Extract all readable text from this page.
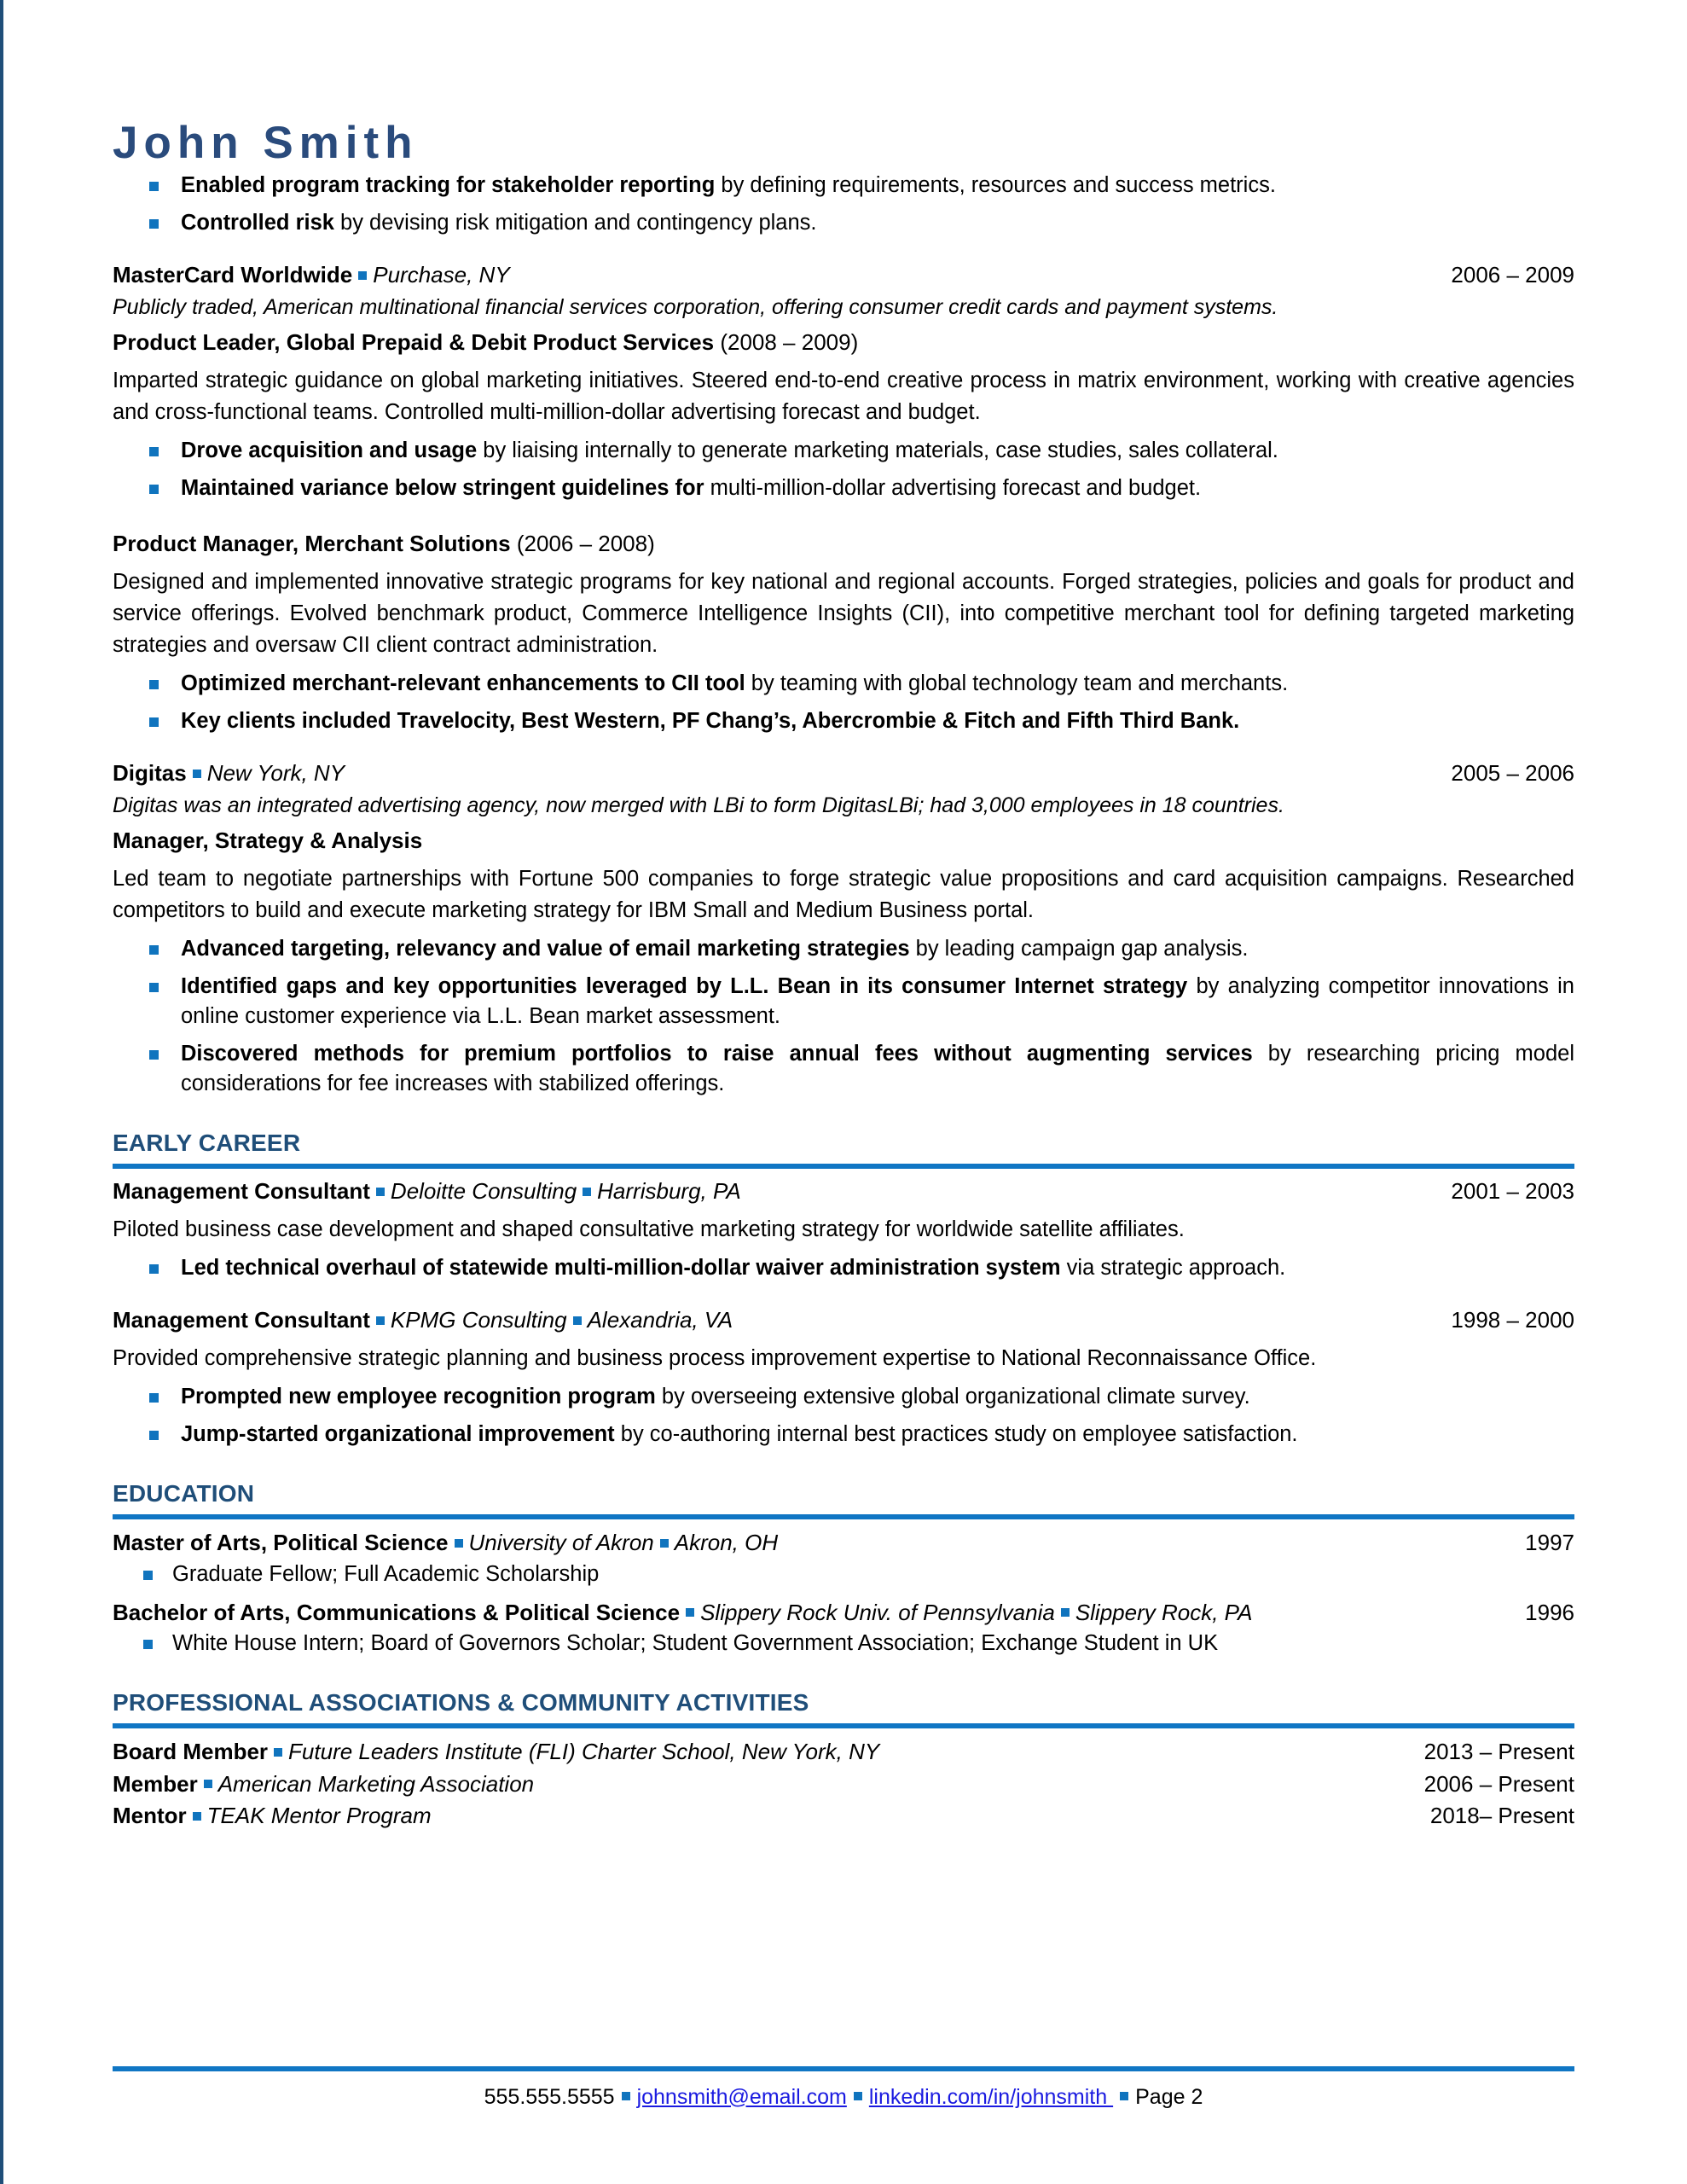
John Smith
Enabled program tracking for stakeholder reporting by defining requirements, resources and success metrics.
Controlled risk by devising risk mitigation and contingency plans.
MasterCard Worldwide Purchase, NY	2006 – 2009
Publicly traded, American multinational financial services corporation, offering consumer credit cards and payment systems.
Product Leader, Global Prepaid & Debit Product Services (2008 – 2009)
Imparted strategic guidance on global marketing initiatives. Steered end-to-end creative process in matrix environment, working with creative agencies and cross-functional teams. Controlled multi-million-dollar advertising forecast and budget.
Drove acquisition and usage by liaising internally to generate marketing materials, case studies, sales collateral.
Maintained variance below stringent guidelines for multi-million-dollar advertising forecast and budget.
Product Manager, Merchant Solutions (2006 – 2008)
Designed and implemented innovative strategic programs for key national and regional accounts. Forged strategies, policies and goals for product and service offerings. Evolved benchmark product, Commerce Intelligence Insights (CII), into competitive merchant tool for defining targeted marketing strategies and oversaw CII client contract administration.
Optimized merchant-relevant enhancements to CII tool by teaming with global technology team and merchants.
Key clients included Travelocity, Best Western, PF Chang’s, Abercrombie & Fitch and Fifth Third Bank.
Digitas New York, NY	2005 – 2006
Digitas was an integrated advertising agency, now merged with LBi to form DigitasLBi; had 3,000 employees in 18 countries.
Manager, Strategy & Analysis
Led team to negotiate partnerships with Fortune 500 companies to forge strategic value propositions and card acquisition campaigns. Researched competitors to build and execute marketing strategy for IBM Small and Medium Business portal.
Advanced targeting, relevancy and value of email marketing strategies by leading campaign gap analysis.
Identified gaps and key opportunities leveraged by L.L. Bean in its consumer Internet strategy by analyzing competitor innovations in online customer experience via L.L. Bean market assessment.
Discovered methods for premium portfolios to raise annual fees without augmenting services by researching pricing model considerations for fee increases with stabilized offerings.
EARLY CAREER
Management Consultant Deloitte Consulting Harrisburg, PA	2001 – 2003
Piloted business case development and shaped consultative marketing strategy for worldwide satellite affiliates.
Led technical overhaul of statewide multi-million-dollar waiver administration system via strategic approach.
Management Consultant KPMG Consulting Alexandria, VA	1998 – 2000
Provided comprehensive strategic planning and business process improvement expertise to National Reconnaissance Office.
Prompted new employee recognition program by overseeing extensive global organizational climate survey.
Jump-started organizational improvement by co-authoring internal best practices study on employee satisfaction.
EDUCATION
Master of Arts, Political Science University of Akron Akron, OH	1997
Graduate Fellow; Full Academic Scholarship
Bachelor of Arts, Communications & Political Science Slippery Rock Univ. of Pennsylvania Slippery Rock, PA	1996
White House Intern; Board of Governors Scholar; Student Government Association; Exchange Student in UK
PROFESSIONAL ASSOCIATIONS & COMMUNITY ACTIVITIES
Board Member Future Leaders Institute (FLI) Charter School, New York, NY	2013 – Present
Member American Marketing Association	2006 – Present
Mentor TEAK Mentor Program	2018– Present
555.555.5555 johnsmith@email.com linkedin.com/in/johnsmith Page 2
